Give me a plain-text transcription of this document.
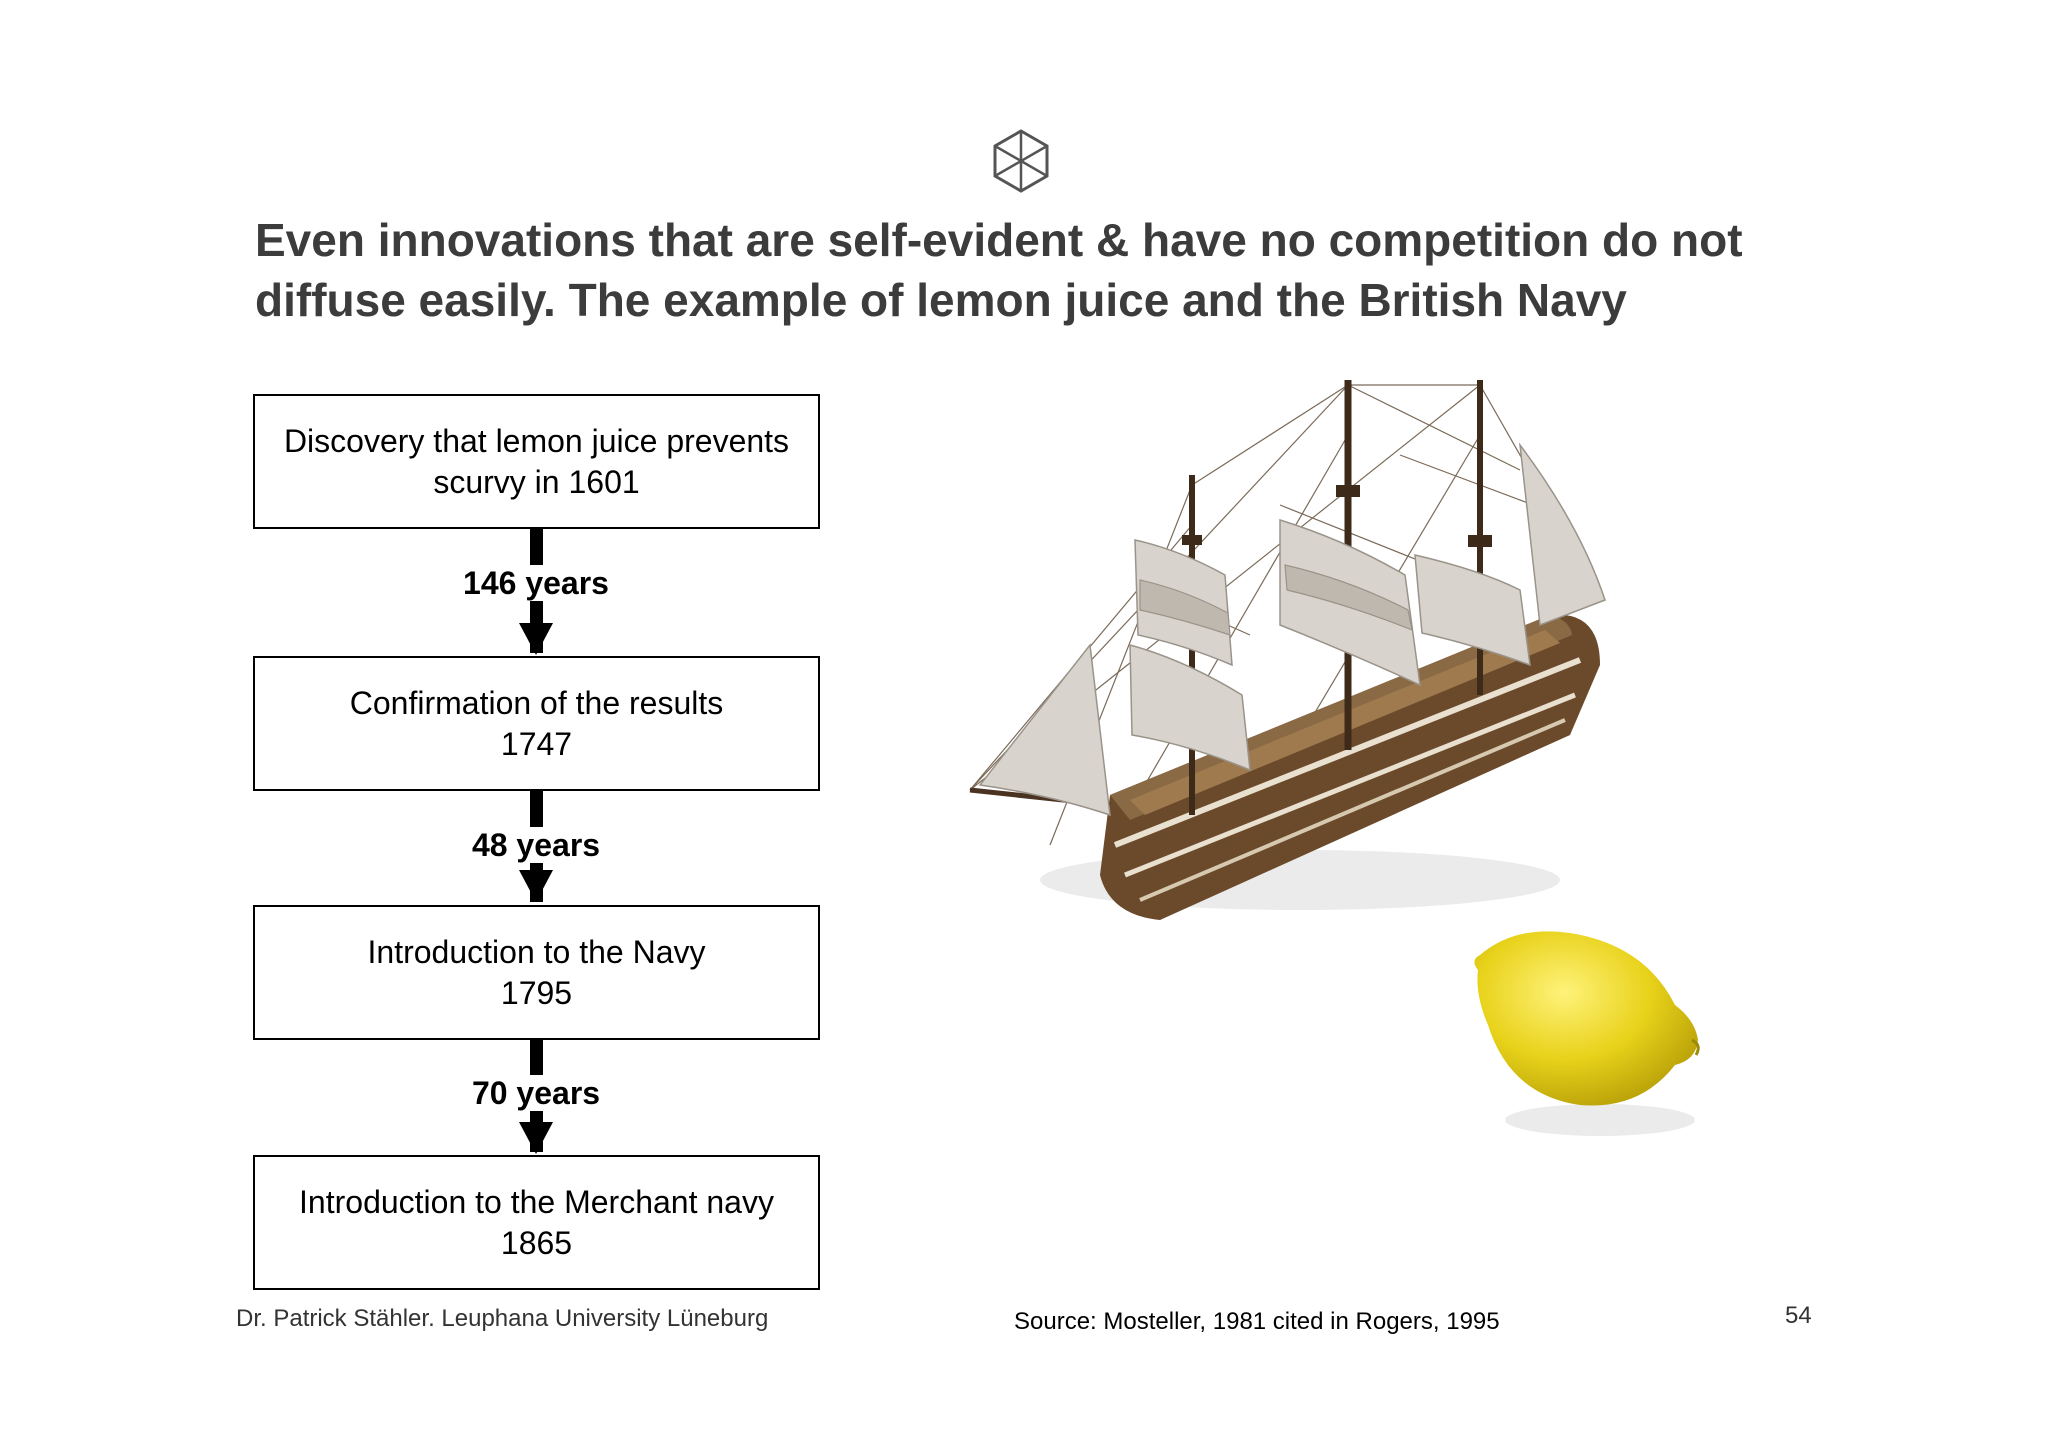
Even innovations that are self-evident & have no competition do not
diffuse easily. The example of lemon juice and the British Navy
Discovery that lemon juice prevents
scurvy in 1601
146 years
Confirmation of the results
1747
48 years
Introduction to the Navy
1795
70 years
Introduction to the Merchant navy
1865
Dr. Patrick Stähler. Leuphana University Lüneburg	Source: Mosteller, 1981 cited in Rogers, 1995	54
